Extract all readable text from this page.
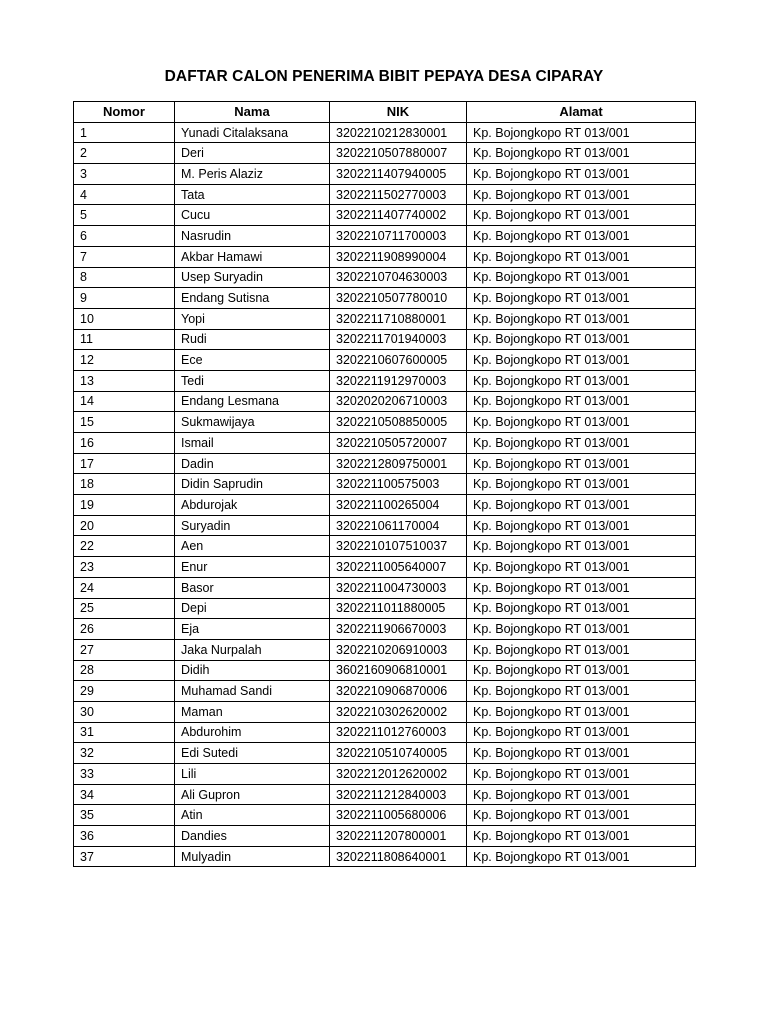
DAFTAR CALON PENERIMA BIBIT PEPAYA DESA CIPARAY
Nomor	Nama	NIK	Alamat
1	Yunadi Citalaksana	3202210212830001	Kp. Bojongkopo RT 013/001
2	Deri	3202210507880007	Kp. Bojongkopo RT 013/001
3	M. Peris Alaziz	3202211407940005	Kp. Bojongkopo RT 013/001
4	Tata	3202211502770003	Kp. Bojongkopo RT 013/001
5	Cucu	3202211407740002	Kp. Bojongkopo RT 013/001
6	Nasrudin	3202210711700003	Kp. Bojongkopo RT 013/001
7	Akbar Hamawi	3202211908990004	Kp. Bojongkopo RT 013/001
8	Usep Suryadin	3202210704630003	Kp. Bojongkopo RT 013/001
9	Endang Sutisna	3202210507780010	Kp. Bojongkopo RT 013/001
10	Yopi	3202211710880001	Kp. Bojongkopo RT 013/001
11	Rudi	3202211701940003	Kp. Bojongkopo RT 013/001
12	Ece	3202210607600005	Kp. Bojongkopo RT 013/001
13	Tedi	3202211912970003	Kp. Bojongkopo RT 013/001
14	Endang Lesmana	3202020206710003	Kp. Bojongkopo RT 013/001
15	Sukmawijaya	3202210508850005	Kp. Bojongkopo RT 013/001
16	Ismail	3202210505720007	Kp. Bojongkopo RT 013/001
17	Dadin	3202212809750001	Kp. Bojongkopo RT 013/001
18	Didin Saprudin	320221100575003	Kp. Bojongkopo RT 013/001
19	Abdurojak	320221100265004	Kp. Bojongkopo RT 013/001
20	Suryadin	320221061170004	Kp. Bojongkopo RT 013/001
22	Aen	3202210107510037	Kp. Bojongkopo RT 013/001
23	Enur	3202211005640007	Kp. Bojongkopo RT 013/001
24	Basor	3202211004730003	Kp. Bojongkopo RT 013/001
25	Depi	3202211011880005	Kp. Bojongkopo RT 013/001
26	Eja	3202211906670003	Kp. Bojongkopo RT 013/001
27	Jaka Nurpalah	3202210206910003	Kp. Bojongkopo RT 013/001
28	Didih	3602160906810001	Kp. Bojongkopo RT 013/001
29	Muhamad Sandi	3202210906870006	Kp. Bojongkopo RT 013/001
30	Maman	3202210302620002	Kp. Bojongkopo RT 013/001
31	Abdurohim	3202211012760003	Kp. Bojongkopo RT 013/001
32	Edi Sutedi	3202210510740005	Kp. Bojongkopo RT 013/001
33	Lili	3202212012620002	Kp. Bojongkopo RT 013/001
34	Ali Gupron	3202211212840003	Kp. Bojongkopo RT 013/001
35	Atin	3202211005680006	Kp. Bojongkopo RT 013/001
36	Dandies	3202211207800001	Kp. Bojongkopo RT 013/001
37	Mulyadin	3202211808640001	Kp. Bojongkopo RT 013/001
